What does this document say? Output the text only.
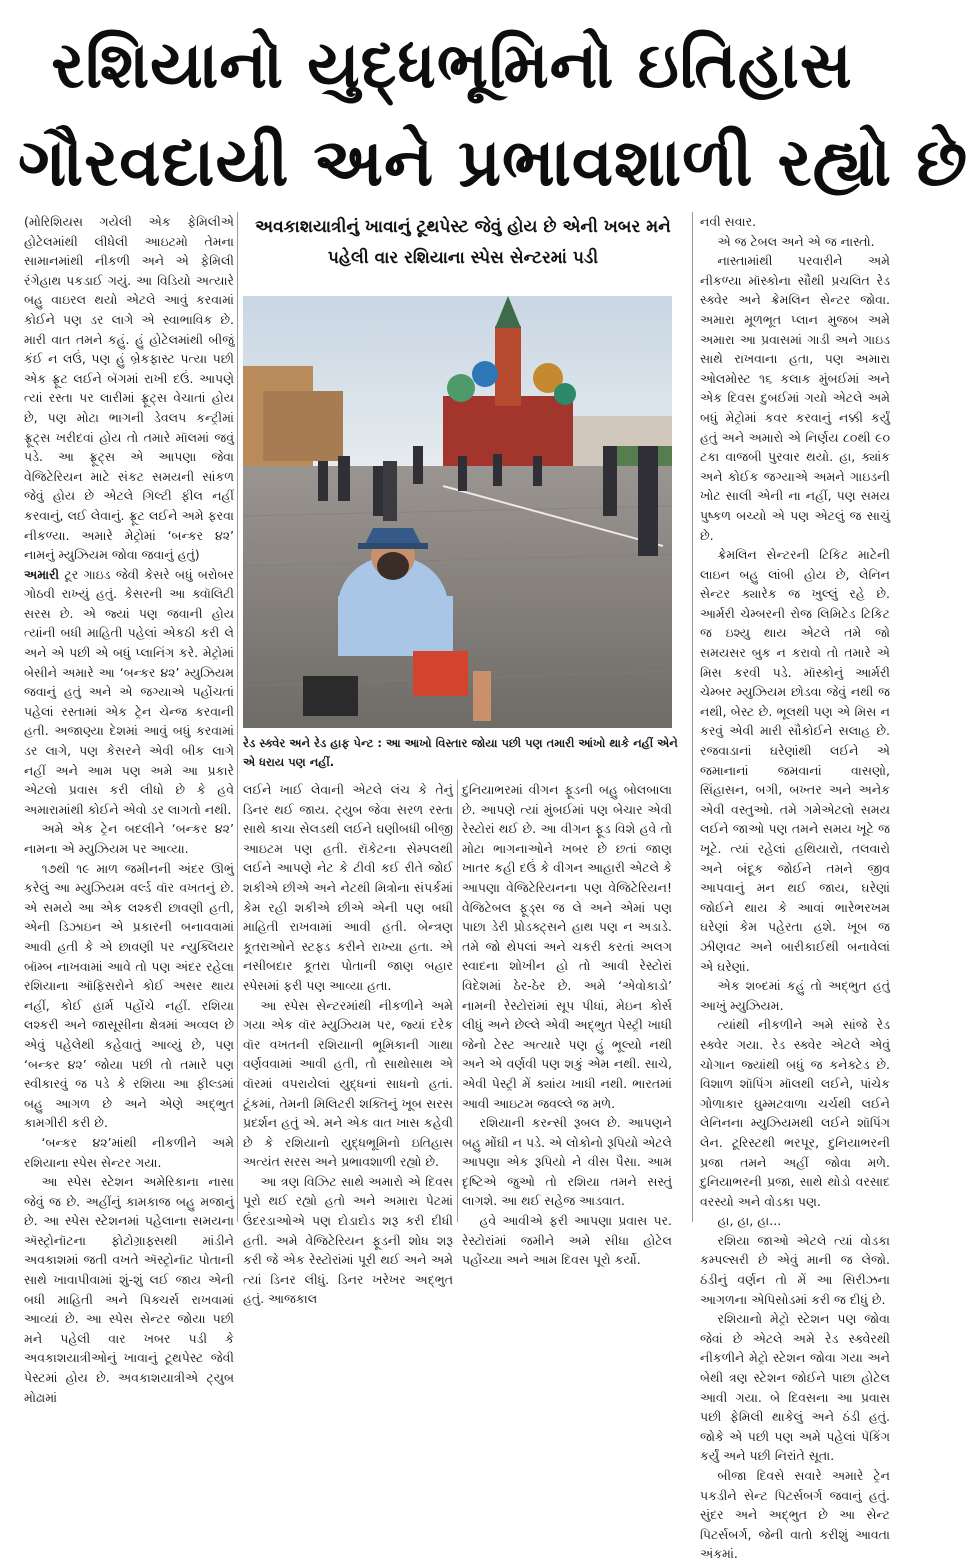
રશિયાનો યુદ્ધભૂમિનો ઇતિહાસ
ગૌરવદાયી અને પ્રભાવશાળી રહ્યો છે

(મોરિશિયસ ગયેલી એક ફેમિલીએ હોટેલમાંથી લીધેલી આઇટમો તેમના સામાનમાંથી નીકળી અને એ ફેમિલી રંગેહાથ પકડાઈ ગયું. આ વિડિયો અત્યારે બહુ વાઇરલ થયો એટલે આવું કરવામાં કોઈને પણ ડર લાગે એ સ્વાભાવિક છે. મારી વાત તમને કહું. હું હોટેલમાંથી બીજું કંઈ ન લઉં, પણ હું બ્રેકફાસ્ટ પત્યા પછી એક ફ્રૂટ લઈને બૅગમાં રાખી દઉં. આપણે ત્યાં રસ્તા પર લારીમાં ફ્રૂટ્સ વેચાતાં હોય છે, પણ મોટા ભાગની ડેવલપ કન્ટ્રીમાં ફ્રૂટ્સ ખરીદવાં હોય તો તમારે મૉલમાં જવું પડે. આ ફ્રૂટ્સ એ આપણા જેવા વેજિટેરિયન માટે સંકટ સમયની સાંકળ જેવું હોય છે એટલે ગિલ્ટી ફીલ નહીં કરવાનું, લઈ લેવાનું. ફ્રૂટ લઈને અમે ફરવા નીકળ્યા. અમારે મેટ્રોમાં ‘બન્કર ૪૨’ નામનું મ્યુઝિયમ જોવા જવાનું હતું)

અમારી ટૂર ગાઇડ જેવી કેસરે બધું બરોબર ગોઠવી રાખ્યું હતું. કેસરની આ ક્વૉલિટી સરસ છે. એ જ્યાં પણ જવાની હોય ત્યાંની બધી માહિતી પહેલાં એકઠી કરી લે અને એ પછી એ બધું પ્લાનિંગ કરે. મેટ્રોમાં બેસીને અમારે આ ‘બન્કર ૪૨’ મ્યુઝિયમ જવાનું હતું અને એ જગ્યાએ પહોંચતાં પહેલાં રસ્તામાં એક ટ્રેન ચેન્જ કરવાની હતી. અજાણ્યા દેશમાં આવું બધું કરવામાં ડર લાગે, પણ કેસરને એવી બીક લાગે નહીં અને આમ પણ અમે આ પ્રકારે એટલો પ્રવાસ કરી લીધો છે કે હવે અમારામાંથી કોઈને એવો ડર લાગતો નથી.

અમે એક ટ્રેન બદલીને ‘બન્કર ૪૨’ નામના એ મ્યુઝિયમ પર આવ્યા.

૧૭થી ૧૯ માળ જમીનની અંદર ઊભું કરેલું આ મ્યુઝિયમ વર્લ્ડ વૉર વખતનું છે. એ સમયે આ એક લશ્કરી છાવણી હતી, એની ડિઝાઇન એ પ્રકારની બનાવવામાં આવી હતી કે એ છાવણી પર ન્યુક્લિયર બૉમ્બ નાખવામાં આવે તો પણ અંદર રહેલા રશિયાના ઑફિસરોને કોઈ અસર થાય નહીં, કોઈ હાર્મ પહોંચે નહીં. રશિયા લશ્કરી અને જાસૂસીના ક્ષેત્રમાં અવ્વલ છે એવું પહેલેથી કહેવાતું આવ્યું છે, પણ ‘બન્કર ૪૨’ જોયા પછી તો તમારે પણ સ્વીકારવું જ પડે કે રશિયા આ ફીલ્ડમાં બહુ આગળ છે અને એણે અદ્ભુત કામગીરી કરી છે.

‘બન્કર ૪૨’માંથી નીકળીને અમે રશિયાના સ્પેસ સેન્ટર ગયા.

આ સ્પેસ સ્ટેશન અમેરિકાના નાસા જેવું જ છે. અહીંનું કામકાજ બહુ મજાનું છે. આ સ્પેસ સ્ટેશનમાં પહેલાના સમયના ઍસ્ટ્રોનૉટના ફોટોગ્રાફ્સથી માંડીને અવકાશમાં જતી વખતે ઍસ્ટ્રોનૉટ પોતાની સાથે ખાવાપીવામાં શું-શું લઈ જાય એની બધી માહિતી અને પિક્ચર્સ રાખવામાં આવ્યાં છે. આ સ્પેસ સેન્ટર જોયા પછી મને પહેલી વાર ખબર પડી કે અવકાશયાત્રીઓનું ખાવાનું ટૂથપેસ્ટ જેવી પેસ્ટમાં હોય છે. અવકાશયાત્રીએ ટ્યુબ મોઢામાં

અવકાશયાત્રીનું ખાવાનું ટૂથપેસ્ટ જેવું હોય છે એની ખબર મને પહેલી વાર રશિયાના સ્પેસ સેન્ટરમાં પડી
રેડ સ્ક્વેર અને રેડ હાફ પેન્ટ : આ આખો વિસ્તાર જોયા પછી પણ તમારી આંખો થાકે નહીં એને એ ધરાય પણ નહીં.

લઈને ખાઈ લેવાની એટલે લંચ કે તેનું ડિનર થઈ જાય. ટ્યુબ જેવા સરળ રસ્તા સાથે કાચા સેલડથી લઈને ઘણીબધી બીજી આઇટમ પણ હતી. રૉકેટના સેમ્પલથી લઈને આપણે નેટ કે ટીવી કઈ રીતે જોઈ શકીએ છીએ અને નેટથી મિત્રોના સંપર્કમાં કેમ રહી શકીએ છીએ એની પણ બધી માહિતી રાખવામાં આવી હતી. બેન્ત્રણ કૂતરાઓને સ્ટફ્ડ કરીને રાખ્યા હતા. એ નસીબદાર કૂતરા પોતાની જાણ બહાર સ્પેસમાં ફરી પણ આવ્યા હતા.

આ સ્પેસ સેન્ટરમાંથી નીકળીને અમે ગયા એક વૉર મ્યુઝિયમ પર, જ્યાં દરેક વૉર વખતની રશિયાની ભૂમિકાની ગાથા વર્ણવવામાં આવી હતી, તો સાથોસાથ એ વૉરમાં વપરાયેલાં યુદ્ધનાં સાધનો હતાં. ટૂંકમાં, તેમની મિલિટરી શક્તિનું ખૂબ સરસ પ્રદર્શન હતું એ. મને એક વાત ખાસ કહેવી છે કે રશિયાનો યુદ્ધભૂમિનો ઇતિહાસ અત્યંત સરસ અને પ્રભાવશાળી રહ્યો છે.

આ ત્રણ વિઝિટ સાથે અમારો એ દિવસ પૂરો થઈ રહ્યો હતો અને અમારા પેટમાં ઉંદરડાઓએ પણ દોડાદોડ શરૂ કરી દીધી હતી. અમે વેજિટેરિયન ફૂડની શોધ શરૂ કરી જે એક રેસ્ટોરાંમાં પૂરી થઈ અને અમે ત્યાં ડિનર લીધું. ડિનર ખરેખર અદ્ભુત હતું. આજકાલ

દુનિયાભરમાં વીગન ફૂડની બહુ બોલબાલા છે. આપણે ત્યાં મુંબઈમાં પણ બેચાર એવી રેસ્ટોરાં થઈ છે. આ વીગન ફૂડ વિશે હવે તો મોટા ભાગનાઓને ખબર છે છતાં જાણ ખાતર કહી દઉં કે વીગન આહારી એટલે કે આપણા વેજિટેરિયનના પણ વેજિટેરિયન! વેજિટેબલ ફૂડ્સ જ લે અને એમાં પણ પાછા ડેરી પ્રોડક્ટ્સને હાથ પણ ન અડાડે. તમે જો થેપલાં અને ચકરી કરતાં અલગ સ્વાદના શોખીન હો તો આવી રેસ્ટોરાં વિદેશમાં ઠેર-ઠેર છે. અમે ‘એવોકાડો’ નામની રેસ્ટોરાંમાં સૂપ પીધાં, મેઇન કોર્સ લીધું અને છેલ્લે એવી અદ્ભુત પેસ્ટ્રી ખાધી જેનો ટેસ્ટ અત્યારે પણ હું ભૂલ્યો નથી અને એ વર્ણવી પણ શકું એમ નથી. સાચે, એવી પેસ્ટ્રી મેં ક્યાંય ખાધી નથી. ભારતમાં આવી આઇટમ જવલ્લે જ મળે.

રશિયાની કરન્સી રૂબલ છે. આપણને બહુ મોંઘી ન પડે. એ લોકોનો રૂપિયો એટલે આપણા એક રૂપિયો ને વીસ પૈસા. આમ દૃષ્ટિએ જુઓ તો રશિયા તમને સસ્તું લાગશે. આ થઈ સહેજ આડવાત.

હવે આવીએ ફરી આપણા પ્રવાસ પર. રેસ્ટોરાંમાં જમીને અમે સીધા હોટેલ પહોંચ્યા અને આમ દિવસ પૂરો કર્યો.

નવી સવાર.

એ જ ટેબલ અને એ જ નાસ્તો.

નાસ્તામાંથી પરવારીને અમે નીકળ્યા મૉસ્કોના સૌથી પ્રચલિત રેડ સ્ક્વેર અને ક્રેમલિન સેન્ટર જોવા. અમારા મૂળભૂત પ્લાન મુજબ અમે અમારા આ પ્રવાસમાં ગાડી અને ગાઇડ સાથે રાખવાના હતા, પણ અમારા ઓલમોસ્ટ ૧૬ કલાક મુંબઈમાં અને એક દિવસ દુબઈમાં ગયો એટલે અમે બધું મેટ્રોમાં કવર કરવાનું નક્કી કર્યું હતું અને અમારો એ નિર્ણય ૮૦થી ૯૦ ટકા વાજબી પુરવાર થયો. હા, ક્યાંક અને કોઈક જગ્યાએ અમને ગાઇડની ખોટ સાલી એની ના નહીં, પણ સમય પુષ્કળ બચ્યો એ પણ એટલું જ સાચું છે.

ક્રેમલિન સેન્ટરની ટિકિટ માટેની લાઇન બહુ લાંબી હોય છે, લેનિન સેન્ટર ક્યારેક જ ખુલ્લું રહે છે. આર્મરી ચેમ્બરની રોજ લિમિટેડ ટિકિટ જ ઇશ્યુ થાય એટલે તમે જો સમયસર બુક ન કરાવો તો તમારે એ મિસ કરવી પડે. મૉસ્કોનું આર્મરી ચેમ્બર મ્યુઝિયમ છોડવા જેવું નથી જ નથી, બેસ્ટ છે. ભૂલથી પણ એ મિસ ન કરવું એવી મારી સૌકોઈને સલાહ છે. રજવાડાનાં ઘરેણાંથી લઈને એ જમાનાનાં જમવાનાં વાસણો, સિંહાસન, બગી, બખ્તર અને અનેક એવી વસ્તુઓ. તમે ગમેએટલો સમય લઈને જાઓ પણ તમને સમય ખૂટે જ ખૂટે. ત્યાં રહેલાં હથિયારો, તલવારો અને બંદૂક જોઈને તમને જીવ આપવાનું મન થઈ જાય, ઘરેણાં જોઈને થાય કે આવાં ભારેભરખમ ઘરેણાં કેમ પહેરતા હશે. ખૂબ જ ઝીણવટ અને બારીકાઈથી બનાવેલાં એ ઘરેણાં.

એક શબ્દમાં કહું તો અદ્ભુત હતું આખું મ્યુઝિયમ.

ત્યાંથી નીકળીને અમે સાંજે રેડ સ્ક્વેર ગયા. રેડ સ્ક્વેર એટલે એવું ચોગાન જ્યાંથી બધું જ કનેક્ટેડ છે. વિશાળ શૉપિંગ મૉલથી લઈને, પાંચેક ગોળાકાર ઘુમ્મટવાળા ચર્ચથી લઈને લેનિનના મ્યુઝિયમથી લઈને શૉપિંગ લેન. ટૂરિસ્ટથી ભરપૂર, દુનિયાભરની પ્રજા તમને અહીં જોવા મળે. દુનિયાભરની પ્રજા, સાથે થોડો વરસાદ વરસ્યો અને વોડકા પણ.

હા, હા, હા...

રશિયા જાઓ એટલે ત્યાં વોડકા કમ્પલ્સરી છે એવું માની જ લેજો. ઠંડીનું વર્ણન તો મેં આ સિરીઝના આગળના એપિસોડમાં કરી જ દીધું છે.

રશિયાનો મેટ્રો સ્ટેશન પણ જોવા જેવાં છે એટલે અમે રેડ સ્ક્વેરથી નીકળીને મેટ્રો સ્ટેશન જોવા ગયા અને બેથી ત્રણ સ્ટેશન જોઈને પાછા હોટેલ આવી ગયા. બે દિવસના આ પ્રવાસ પછી ફેમિલી થાકેલું અને ઠંડી હતું. જોકે એ પછી પણ અમે પહેલાં પૅકિંગ કર્યું અને પછી નિરાંતે સૂતા.

બીજા દિવસે સવારે અમારે ટ્રેન પકડીને સેન્ટ પિટર્સબર્ગ જવાનું હતું. સુંદર અને અદ્ભુત છે આ સેન્ટ પિટર્સબર્ગ, જેની વાતો કરીશું આવતા અંકમાં.
